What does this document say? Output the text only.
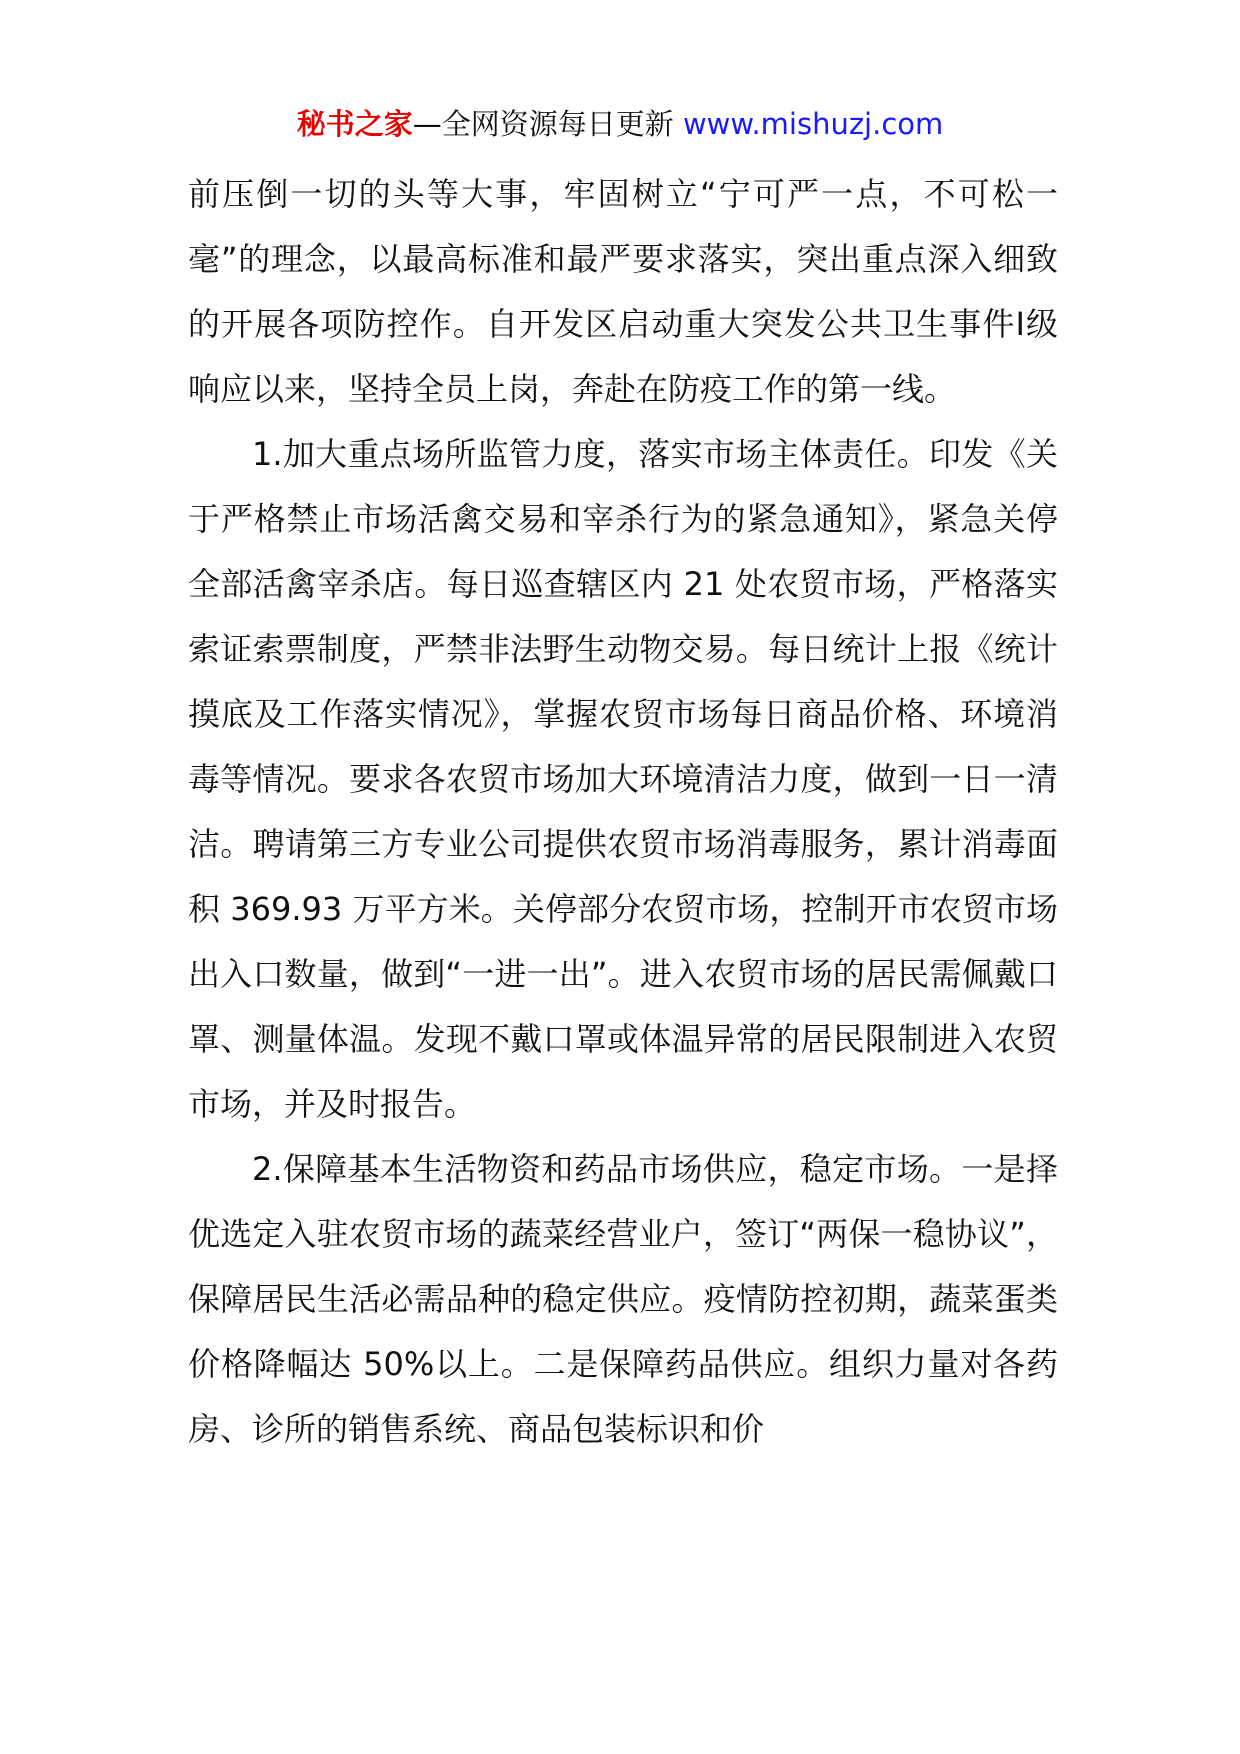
秘书之家—全网资源每日更新 www.mishuzj.com

前压倒一切的头等大事，牢固树立“宁可严一点，不可松一毫”的理念，以最高标准和最严要求落实，突出重点深入细致的开展各项防控作。自开发区启动重大突发公共卫生事件Ⅰ级响应以来，坚持全员上岗，奔赴在防疫工作的第一线。

1.加大重点场所监管力度，落实市场主体责任。印发《关于严格禁止市场活禽交易和宰杀行为的紧急通知》，紧急关停全部活禽宰杀店。每日巡查辖区内 21 处农贸市场，严格落实索证索票制度，严禁非法野生动物交易。每日统计上报《统计摸底及工作落实情况》，掌握农贸市场每日商品价格、环境消毒等情况。要求各农贸市场加大环境清洁力度，做到一日一清洁。聘请第三方专业公司提供农贸市场消毒服务，累计消毒面积 369.93 万平方米。关停部分农贸市场，控制开市农贸市场出入口数量，做到“一进一出”。进入农贸市场的居民需佩戴口罩、测量体温。发现不戴口罩或体温异常的居民限制进入农贸市场，并及时报告。

2.保障基本生活物资和药品市场供应，稳定市场。一是择优选定入驻农贸市场的蔬菜经营业户，签订“两保一稳协议”，保障居民生活必需品种的稳定供应。疫情防控初期，蔬菜蛋类价格降幅达 50%以上。二是保障药品供应。组织力量对各药房、诊所的销售系统、商品包装标识和价
